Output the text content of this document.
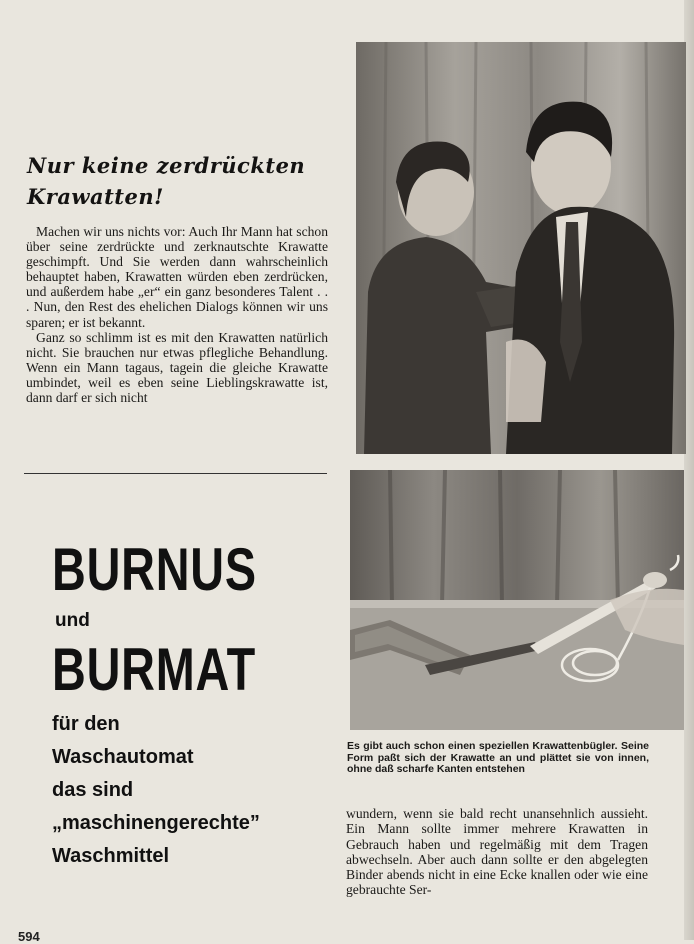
Nur keine zerdrückten
Krawatten!

Machen wir uns nichts vor: Auch Ihr Mann hat schon über seine zerdrückte und zerknautschte Krawatte geschimpft. Und Sie werden dann wahrscheinlich behauptet haben, Krawatten würden eben zerdrücken, und außerdem habe „er“ ein ganz besonderes Talent . . . Nun, den Rest des ehelichen Dialogs können wir uns sparen; er ist bekannt.

Ganz so schlimm ist es mit den Krawatten natürlich nicht. Sie brauchen nur etwas pflegliche Behandlung. Wenn ein Mann tagaus, tagein die gleiche Krawatte umbindet, weil es eben seine Lieblingskrawatte ist, dann darf er sich nicht

BURNUS
und
BURMAT
für den
Waschautomat
das sind
„maschinengerechte”
Waschmittel
Es gibt auch schon einen speziellen Krawattenbügler. Seine Form paßt sich der Krawatte an und plättet sie von innen, ohne daß scharfe Kanten entstehen
wundern, wenn sie bald recht unansehnlich aussieht. Ein Mann sollte immer mehrere Krawatten in Gebrauch haben und regelmäßig mit dem Tragen abwechseln. Aber auch dann sollte er den abgelegten Binder abends nicht in eine Ecke knallen oder wie eine gebrauchte Ser-
594
